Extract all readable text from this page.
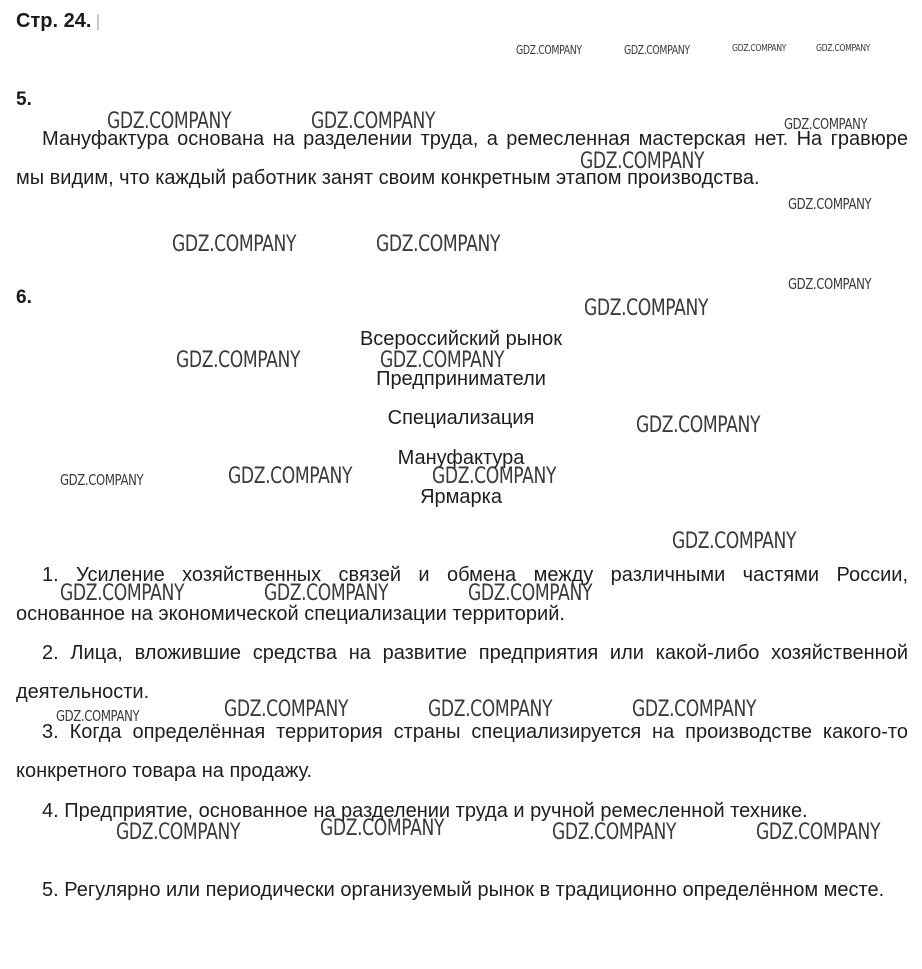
Стр. 24.
5.

Мануфактура основана на разделении труда, а ремесленная мастерская нет. На гравюре мы видим, что каждый работник занят своим конкретным этапом производства.

6.

Всероссийский рынок

Предприниматели

Специализация

Мануфактура

Ярмарка

1. Усиление хозяйственных связей и обмена между различными частями России, основанное на экономической специализации территорий.

2. Лица, вложившие средства на развитие предприятия или какой-либо хозяйственной деятельности.

3. Когда определённая территория страны специализируется на производстве какого-то конкретного товара на продажу.

4. Предприятие, основанное на разделении труда и ручной ремесленной технике.

5. Регулярно или периодически организуемый рынок в традиционно определённом месте.

GDZ.COMPANY	GDZ.COMPANY	GDZ.COMPANY	GDZ.COMPANY
GDZ.COMPANY	GDZ.COMPANY	GDZ.COMPANY
GDZ.COMPANY
GDZ.COMPANY
GDZ.COMPANY	GDZ.COMPANY
GDZ.COMPANY
GDZ.COMPANY
GDZ.COMPANY	GDZ.COMPANY
GDZ.COMPANY
GDZ.COMPANY	GDZ.COMPANY	GDZ.COMPANY
GDZ.COMPANY
GDZ.COMPANY	GDZ.COMPANY	GDZ.COMPANY
GDZ.COMPANY	GDZ.COMPANY	GDZ.COMPANY	GDZ.COMPANY
GDZ.COMPANY	GDZ.COMPANY	GDZ.COMPANY	GDZ.COMPANY
